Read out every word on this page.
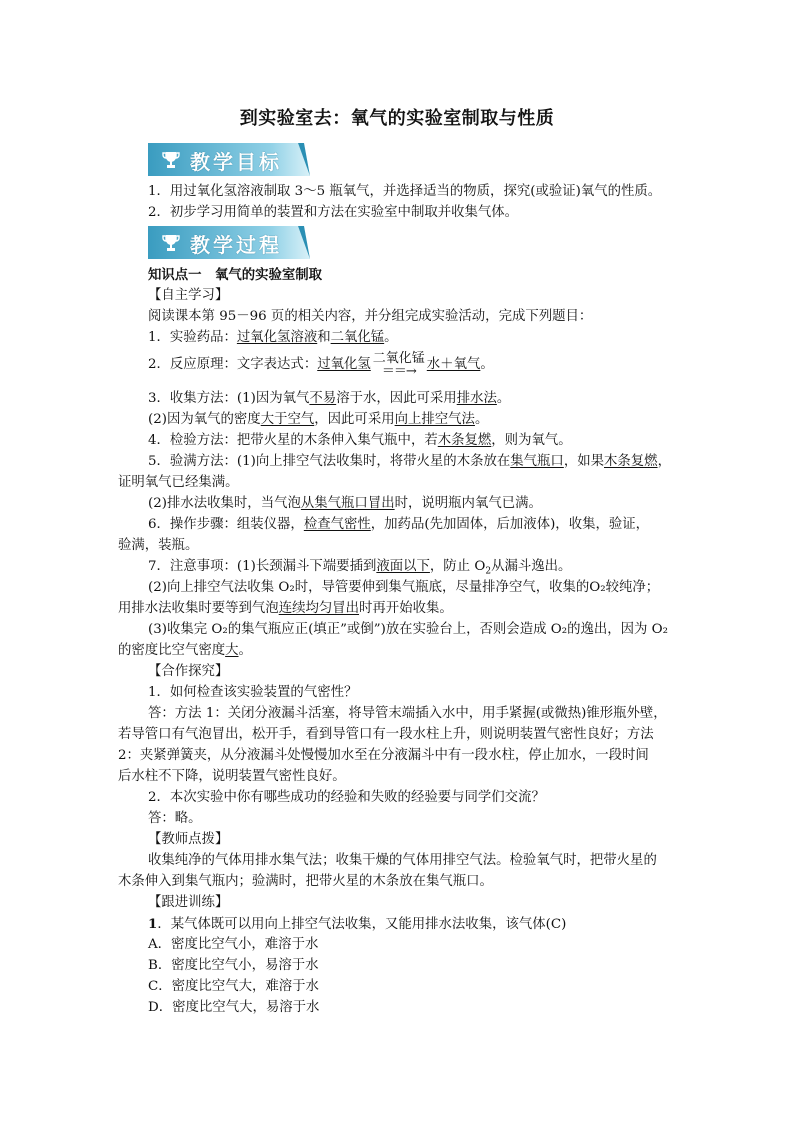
到实验室去：氧气的实验室制取与性质
教学目标
1．用过氧化氢溶液制取 3～5 瓶氧气，并选择适当的物质，探究(或验证)氧气的性质。
2．初步学习用简单的装置和方法在实验室中制取并收集气体。
教学过程
知识点一　氧气的实验室制取
【自主学习】
阅读课本第 95－96 页的相关内容，并分组完成实验活动，完成下列题目：
1．实验药品：过氧化氢溶液和二氧化锰。
2．反应原理：文字表达式：过氧化氢 二氧化锰
＝＝→ 水＋氧气。
3．收集方法：(1)因为氧气不易溶于水，因此可采用排水法。
(2)因为氧气的密度大于空气，因此可采用向上排空气法。
4．检验方法：把带火星的木条伸入集气瓶中，若木条复燃，则为氧气。
5．验满方法：(1)向上排空气法收集时，将带火星的木条放在集气瓶口，如果木条复燃，
证明氧气已经集满。
(2)排水法收集时，当气泡从集气瓶口冒出时，说明瓶内氧气已满。
6．操作步骤：组装仪器，检查气密性，加药品(先加固体，后加液体)，收集，验证，
验满，装瓶。
7．注意事项：(1)长颈漏斗下端要插到液面以下，防止 $O_2$从漏斗逸出。
(2)向上排空气法收集 O₂时，导管要伸到集气瓶底，尽量排净空气，收集的O₂较纯净；
用排水法收集时要等到气泡连续均匀冒出时再开始收集。
(3)收集完 O₂的集气瓶应正(填正”或倒”)放在实验台上，否则会造成 O₂的逸出，因为 O₂
的密度比空气密度大。
【合作探究】
1．如何检查该实验装置的气密性？
答：方法 1：关闭分液漏斗活塞，将导管末端插入水中，用手紧握(或微热)锥形瓶外壁，
若导管口有气泡冒出，松开手，看到导管口有一段水柱上升，则说明装置气密性良好；方法
2：夹紧弹簧夹，从分液漏斗处慢慢加水至在分液漏斗中有一段水柱，停止加水，一段时间
后水柱不下降，说明装置气密性良好。
2．本次实验中你有哪些成功的经验和失败的经验要与同学们交流？
答：略。
【教师点拨】
收集纯净的气体用排水集气法；收集干燥的气体用排空气法。检验氧气时，把带火星的
木条伸入到集气瓶内；验满时，把带火星的木条放在集气瓶口。
【跟进训练】
1．某气体既可以用向上排空气法收集，又能用排水法收集，该气体(C)
A．密度比空气小，难溶于水
B．密度比空气小，易溶于水
C．密度比空气大，难溶于水
D．密度比空气大，易溶于水
